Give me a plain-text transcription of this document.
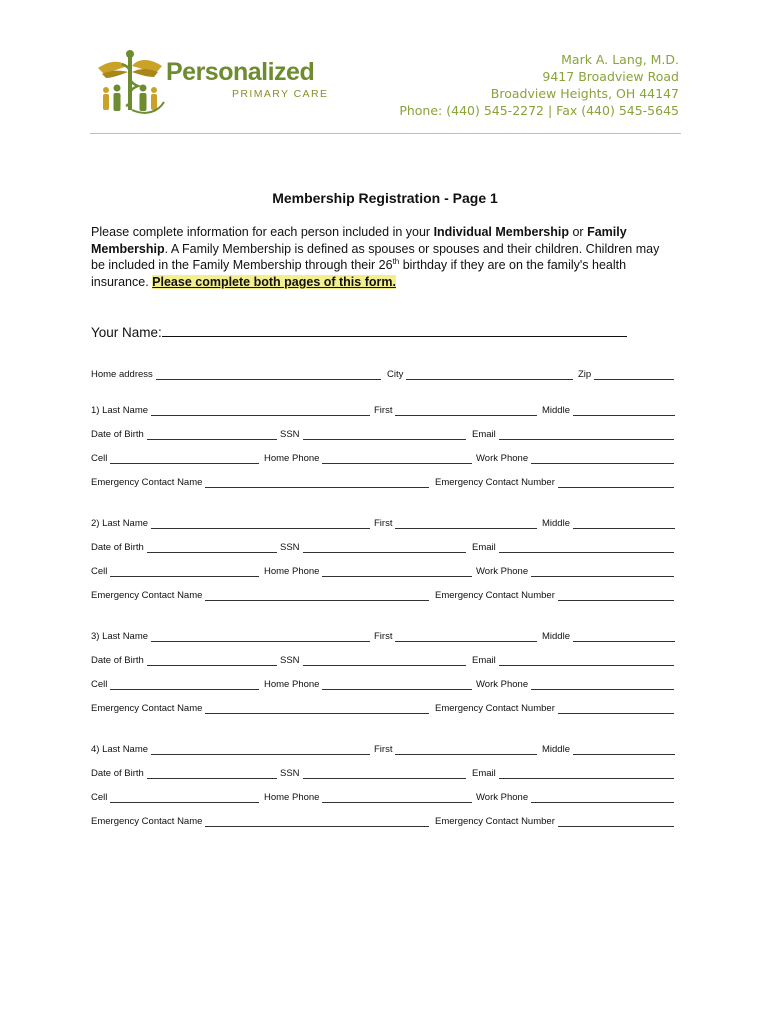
Personalized
PRIMARY CARE
Mark A. Lang, M.D.
9417 Broadview Road
Broadview Heights, OH 44147
Phone: (440) 545-2272 | Fax (440) 545-5645
Membership Registration - Page 1
Please complete information for each person included in your Individual Membership or Family Membership. A Family Membership is defined as spouses or spouses and their children. Children may be included in the Family Membership through their 26th birthday if they are on the family's health insurance. Please complete both pages of this form.
Your Name:
Home address	City	Zip
1) Last Name	First	Middle
Date of Birth	SSN	Email
Cell	Home Phone	Work Phone
Emergency Contact Name	Emergency Contact Number
2) Last Name	First	Middle
Date of Birth	SSN	Email
Cell	Home Phone	Work Phone
Emergency Contact Name	Emergency Contact Number
3) Last Name	First	Middle
Date of Birth	SSN	Email
Cell	Home Phone	Work Phone
Emergency Contact Name	Emergency Contact Number
4) Last Name	First	Middle
Date of Birth	SSN	Email
Cell	Home Phone	Work Phone
Emergency Contact Name	Emergency Contact Number
